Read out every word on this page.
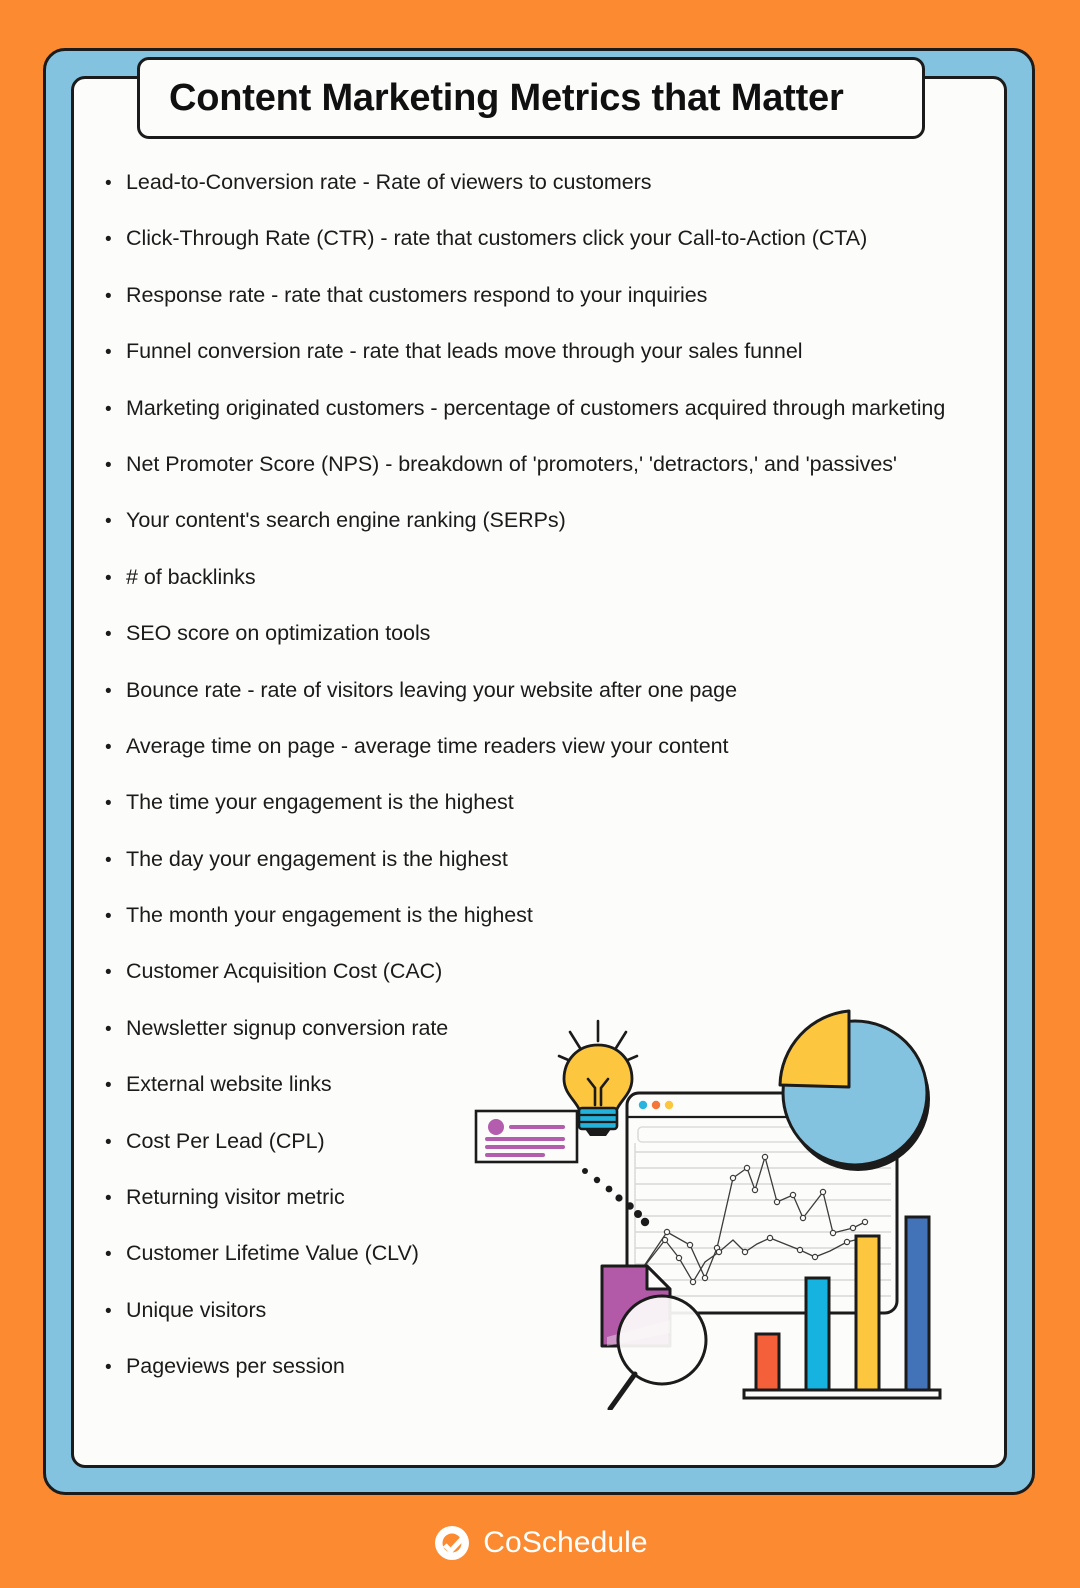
Content Marketing Metrics that Matter
• Lead-to-Conversion rate - Rate of viewers to customers
• Click-Through Rate (CTR) - rate that customers click your Call-to-Action (CTA)
• Response rate - rate that customers respond to your inquiries
• Funnel conversion rate - rate that leads move through your sales funnel
• Marketing originated customers - percentage of customers acquired through marketing
• Net Promoter Score (NPS) - breakdown of 'promoters,' 'detractors,' and 'passives'
• Your content's search engine ranking (SERPs)
• # of backlinks
• SEO score on optimization tools
• Bounce rate - rate of visitors leaving your website after one page
• Average time on page - average time readers view your content
• The time your engagement is the highest
• The day your engagement is the highest
• The month your engagement is the highest
• Customer Acquisition Cost (CAC)
• Newsletter signup conversion rate
• External website links
• Cost Per Lead (CPL)
• Returning visitor metric
• Customer Lifetime Value (CLV)
• Unique visitors
• Pageviews per session
CoSchedule
